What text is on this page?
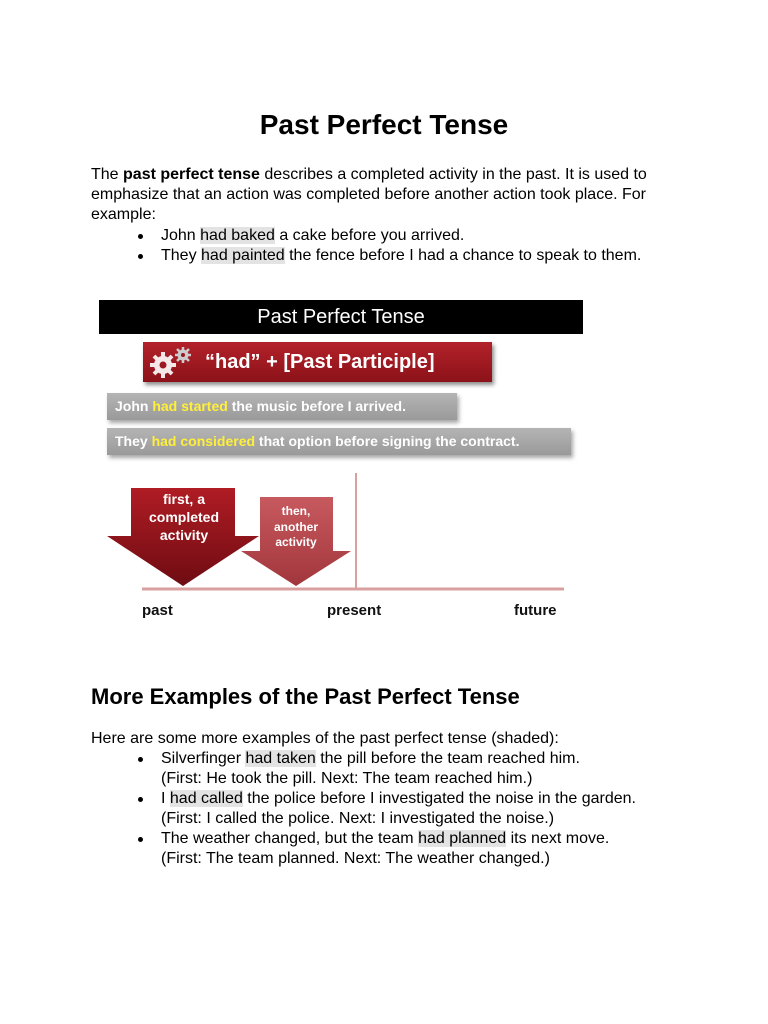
Past Perfect Tense

The past perfect tense describes a completed activity in the past. It is used to emphasize that an action was completed before another action took place. For example:

John had baked a cake before you arrived.
They had painted the fence before I had a chance to speak to them.
Past Perfect Tense
“had” + [Past Participle]
John had started the music before I arrived.
They had considered that option before signing the contract.
first, a completed activity
then, another activity
past	present	future
More Examples of the Past Perfect Tense

Here are some more examples of the past perfect tense (shaded):

Silverfinger had taken the pill before the team reached him.
(First: He took the pill. Next: The team reached him.)
I had called the police before I investigated the noise in the garden.
(First: I called the police. Next: I investigated the noise.)
The weather changed, but the team had planned its next move.
(First: The team planned. Next: The weather changed.)
